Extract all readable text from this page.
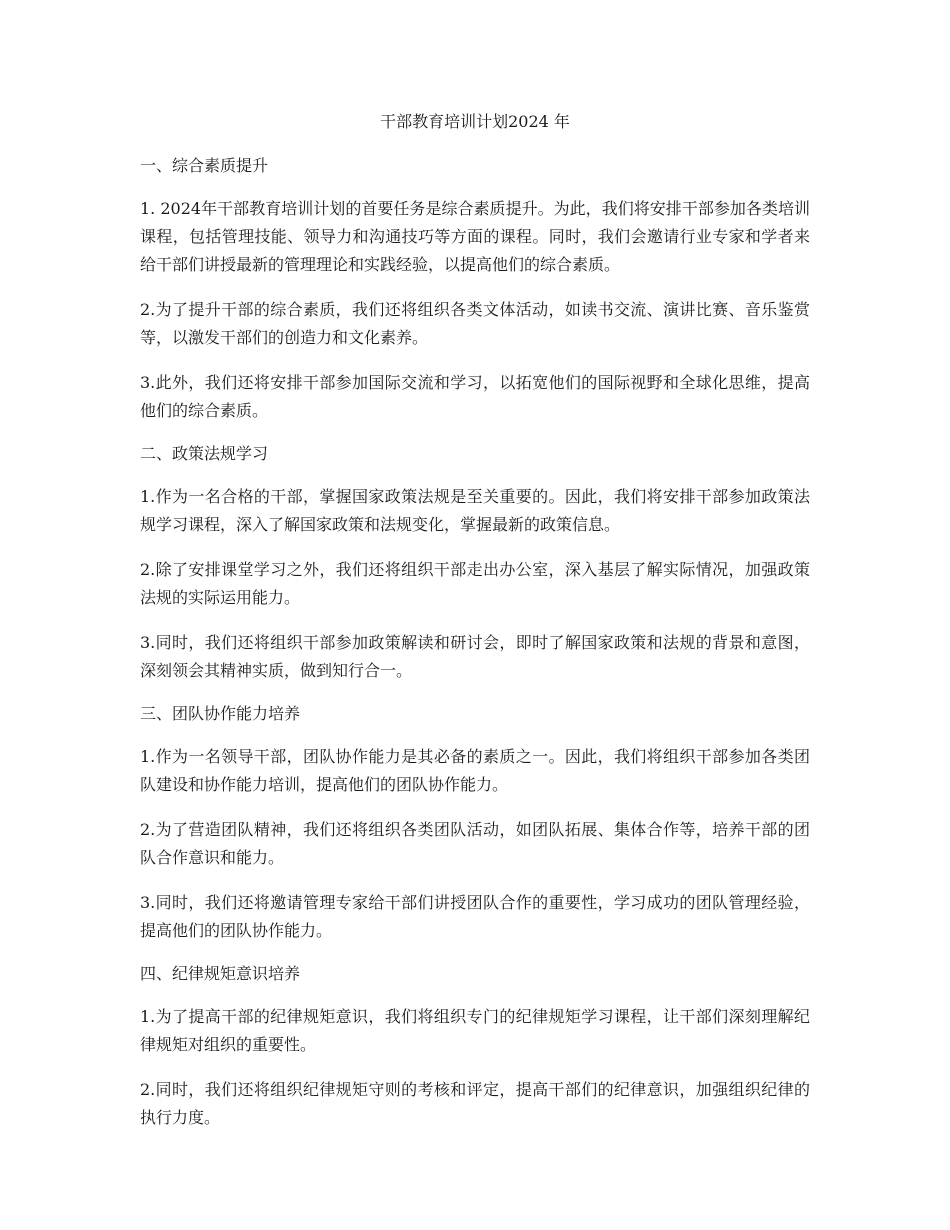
干部教育培训计划2024 年
一、综合素质提升

1. 2024年干部教育培训计划的首要任务是综合素质提升。为此，我们将安排干部参加各类培训课程，包括管理技能、领导力和沟通技巧等方面的课程。同时，我们会邀请行业专家和学者来给干部们讲授最新的管理理论和实践经验，以提高他们的综合素质。

2.为了提升干部的综合素质，我们还将组织各类文体活动，如读书交流、演讲比赛、音乐鉴赏等，以激发干部们的创造力和文化素养。

3.此外，我们还将安排干部参加国际交流和学习，以拓宽他们的国际视野和全球化思维，提高他们的综合素质。

二、政策法规学习

1.作为一名合格的干部，掌握国家政策法规是至关重要的。因此，我们将安排干部参加政策法规学习课程，深入了解国家政策和法规变化，掌握最新的政策信息。

2.除了安排课堂学习之外，我们还将组织干部走出办公室，深入基层了解实际情况，加强政策法规的实际运用能力。

3.同时，我们还将组织干部参加政策解读和研讨会，即时了解国家政策和法规的背景和意图，深刻领会其精神实质，做到知行合一。

三、团队协作能力培养

1.作为一名领导干部，团队协作能力是其必备的素质之一。因此，我们将组织干部参加各类团队建设和协作能力培训，提高他们的团队协作能力。

2.为了营造团队精神，我们还将组织各类团队活动，如团队拓展、集体合作等，培养干部的团队合作意识和能力。

3.同时，我们还将邀请管理专家给干部们讲授团队合作的重要性，学习成功的团队管理经验，提高他们的团队协作能力。

四、纪律规矩意识培养

1.为了提高干部的纪律规矩意识，我们将组织专门的纪律规矩学习课程，让干部们深刻理解纪律规矩对组织的重要性。

2.同时，我们还将组织纪律规矩守则的考核和评定，提高干部们的纪律意识，加强组织纪律的执行力度。
